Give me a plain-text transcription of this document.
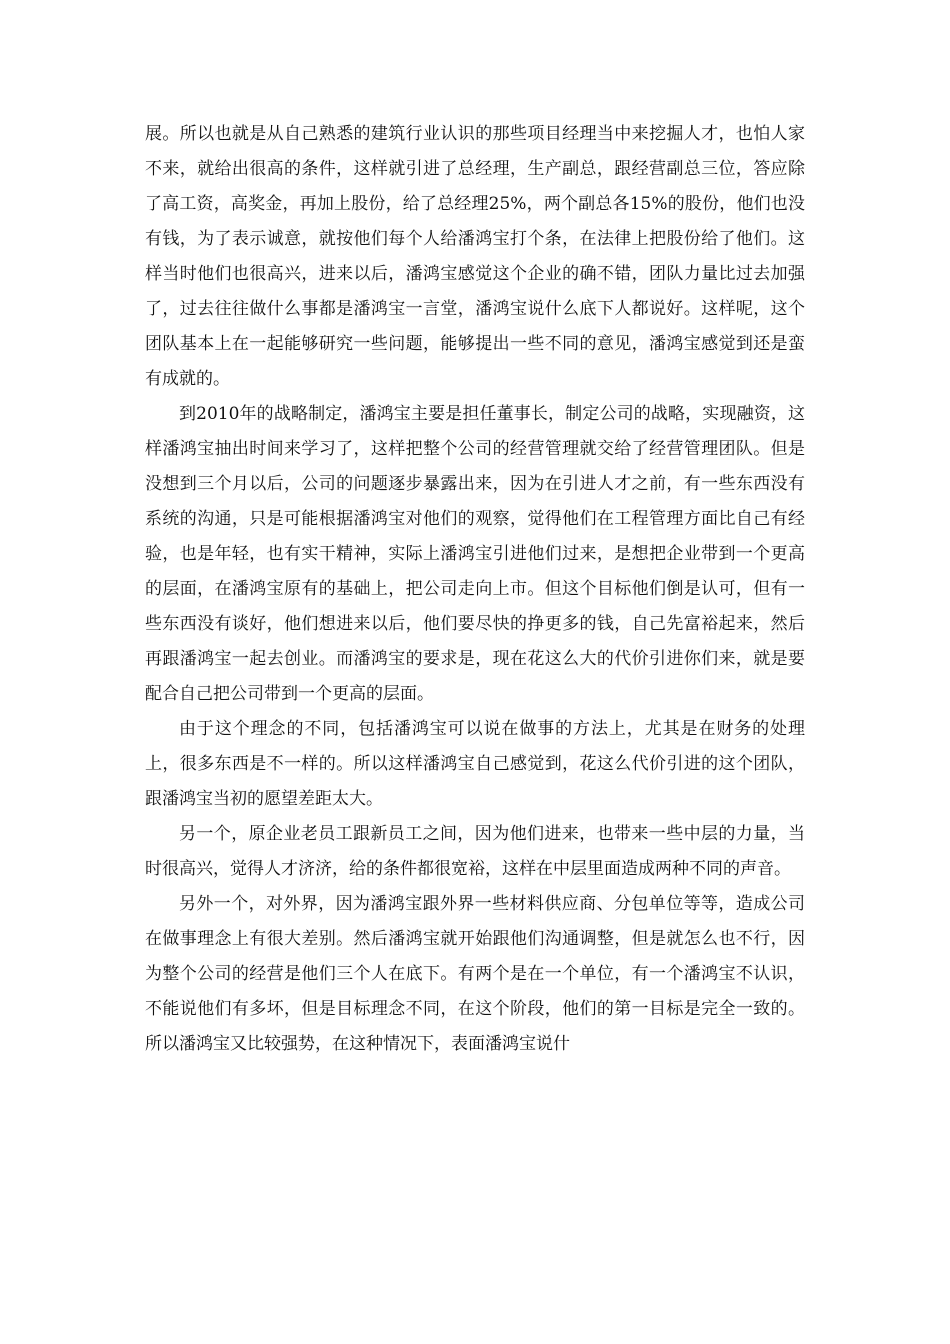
展。所以也就是从自己熟悉的建筑行业认识的那些项目经理当中来挖掘人才，也怕人家不来，就给出很高的条件，这样就引进了总经理，生产副总，跟经营副总三位，答应除了高工资，高奖金，再加上股份，给了总经理25%，两个副总各15%的股份，他们也没有钱，为了表示诚意，就按他们每个人给潘鸿宝打个条，在法律上把股份给了他们。这样当时他们也很高兴，进来以后，潘鸿宝感觉这个企业的确不错，团队力量比过去加强了，过去往往做什么事都是潘鸿宝一言堂，潘鸿宝说什么底下人都说好。这样呢，这个团队基本上在一起能够研究一些问题，能够提出一些不同的意见，潘鸿宝感觉到还是蛮有成就的。

到2010年的战略制定，潘鸿宝主要是担任董事长，制定公司的战略，实现融资，这样潘鸿宝抽出时间来学习了，这样把整个公司的经营管理就交给了经营管理团队。但是没想到三个月以后，公司的问题逐步暴露出来，因为在引进人才之前，有一些东西没有系统的沟通，只是可能根据潘鸿宝对他们的观察，觉得他们在工程管理方面比自己有经验，也是年轻，也有实干精神，实际上潘鸿宝引进他们过来，是想把企业带到一个更高的层面，在潘鸿宝原有的基础上，把公司走向上市。但这个目标他们倒是认可，但有一些东西没有谈好，他们想进来以后，他们要尽快的挣更多的钱，自己先富裕起来，然后再跟潘鸿宝一起去创业。而潘鸿宝的要求是，现在花这么大的代价引进你们来，就是要配合自己把公司带到一个更高的层面。

由于这个理念的不同，包括潘鸿宝可以说在做事的方法上，尤其是在财务的处理上，很多东西是不一样的。所以这样潘鸿宝自己感觉到，花这么代价引进的这个团队，跟潘鸿宝当初的愿望差距太大。

另一个，原企业老员工跟新员工之间，因为他们进来，也带来一些中层的力量，当时很高兴，觉得人才济济，给的条件都很宽裕，这样在中层里面造成两种不同的声音。

另外一个，对外界，因为潘鸿宝跟外界一些材料供应商、分包单位等等，造成公司在做事理念上有很大差别。然后潘鸿宝就开始跟他们沟通调整，但是就怎么也不行，因为整个公司的经营是他们三个人在底下。有两个是在一个单位，有一个潘鸿宝不认识，不能说他们有多坏，但是目标理念不同，在这个阶段，他们的第一目标是完全一致的。所以潘鸿宝又比较强势，在这种情况下，表面潘鸿宝说什
